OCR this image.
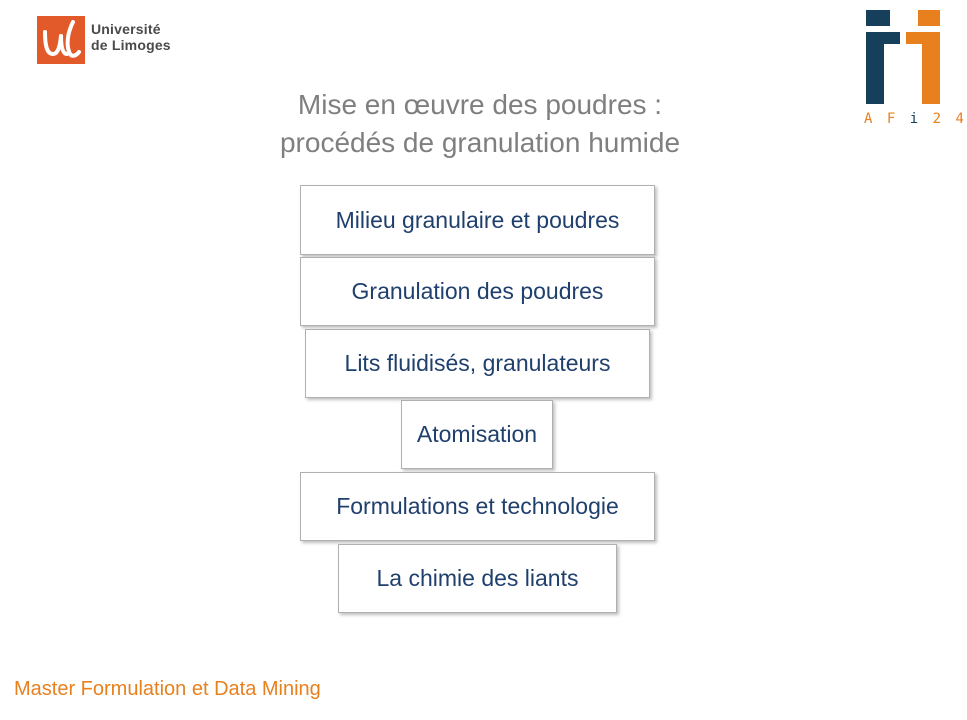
Université
de Limoges
A F i 2 4
Mise en œuvre des poudres :
procédés de granulation humide
Milieu granulaire et poudres
Granulation des poudres
Lits fluidisés, granulateurs
Atomisation
Formulations et technologie
La chimie des liants
Master Formulation et Data Mining
